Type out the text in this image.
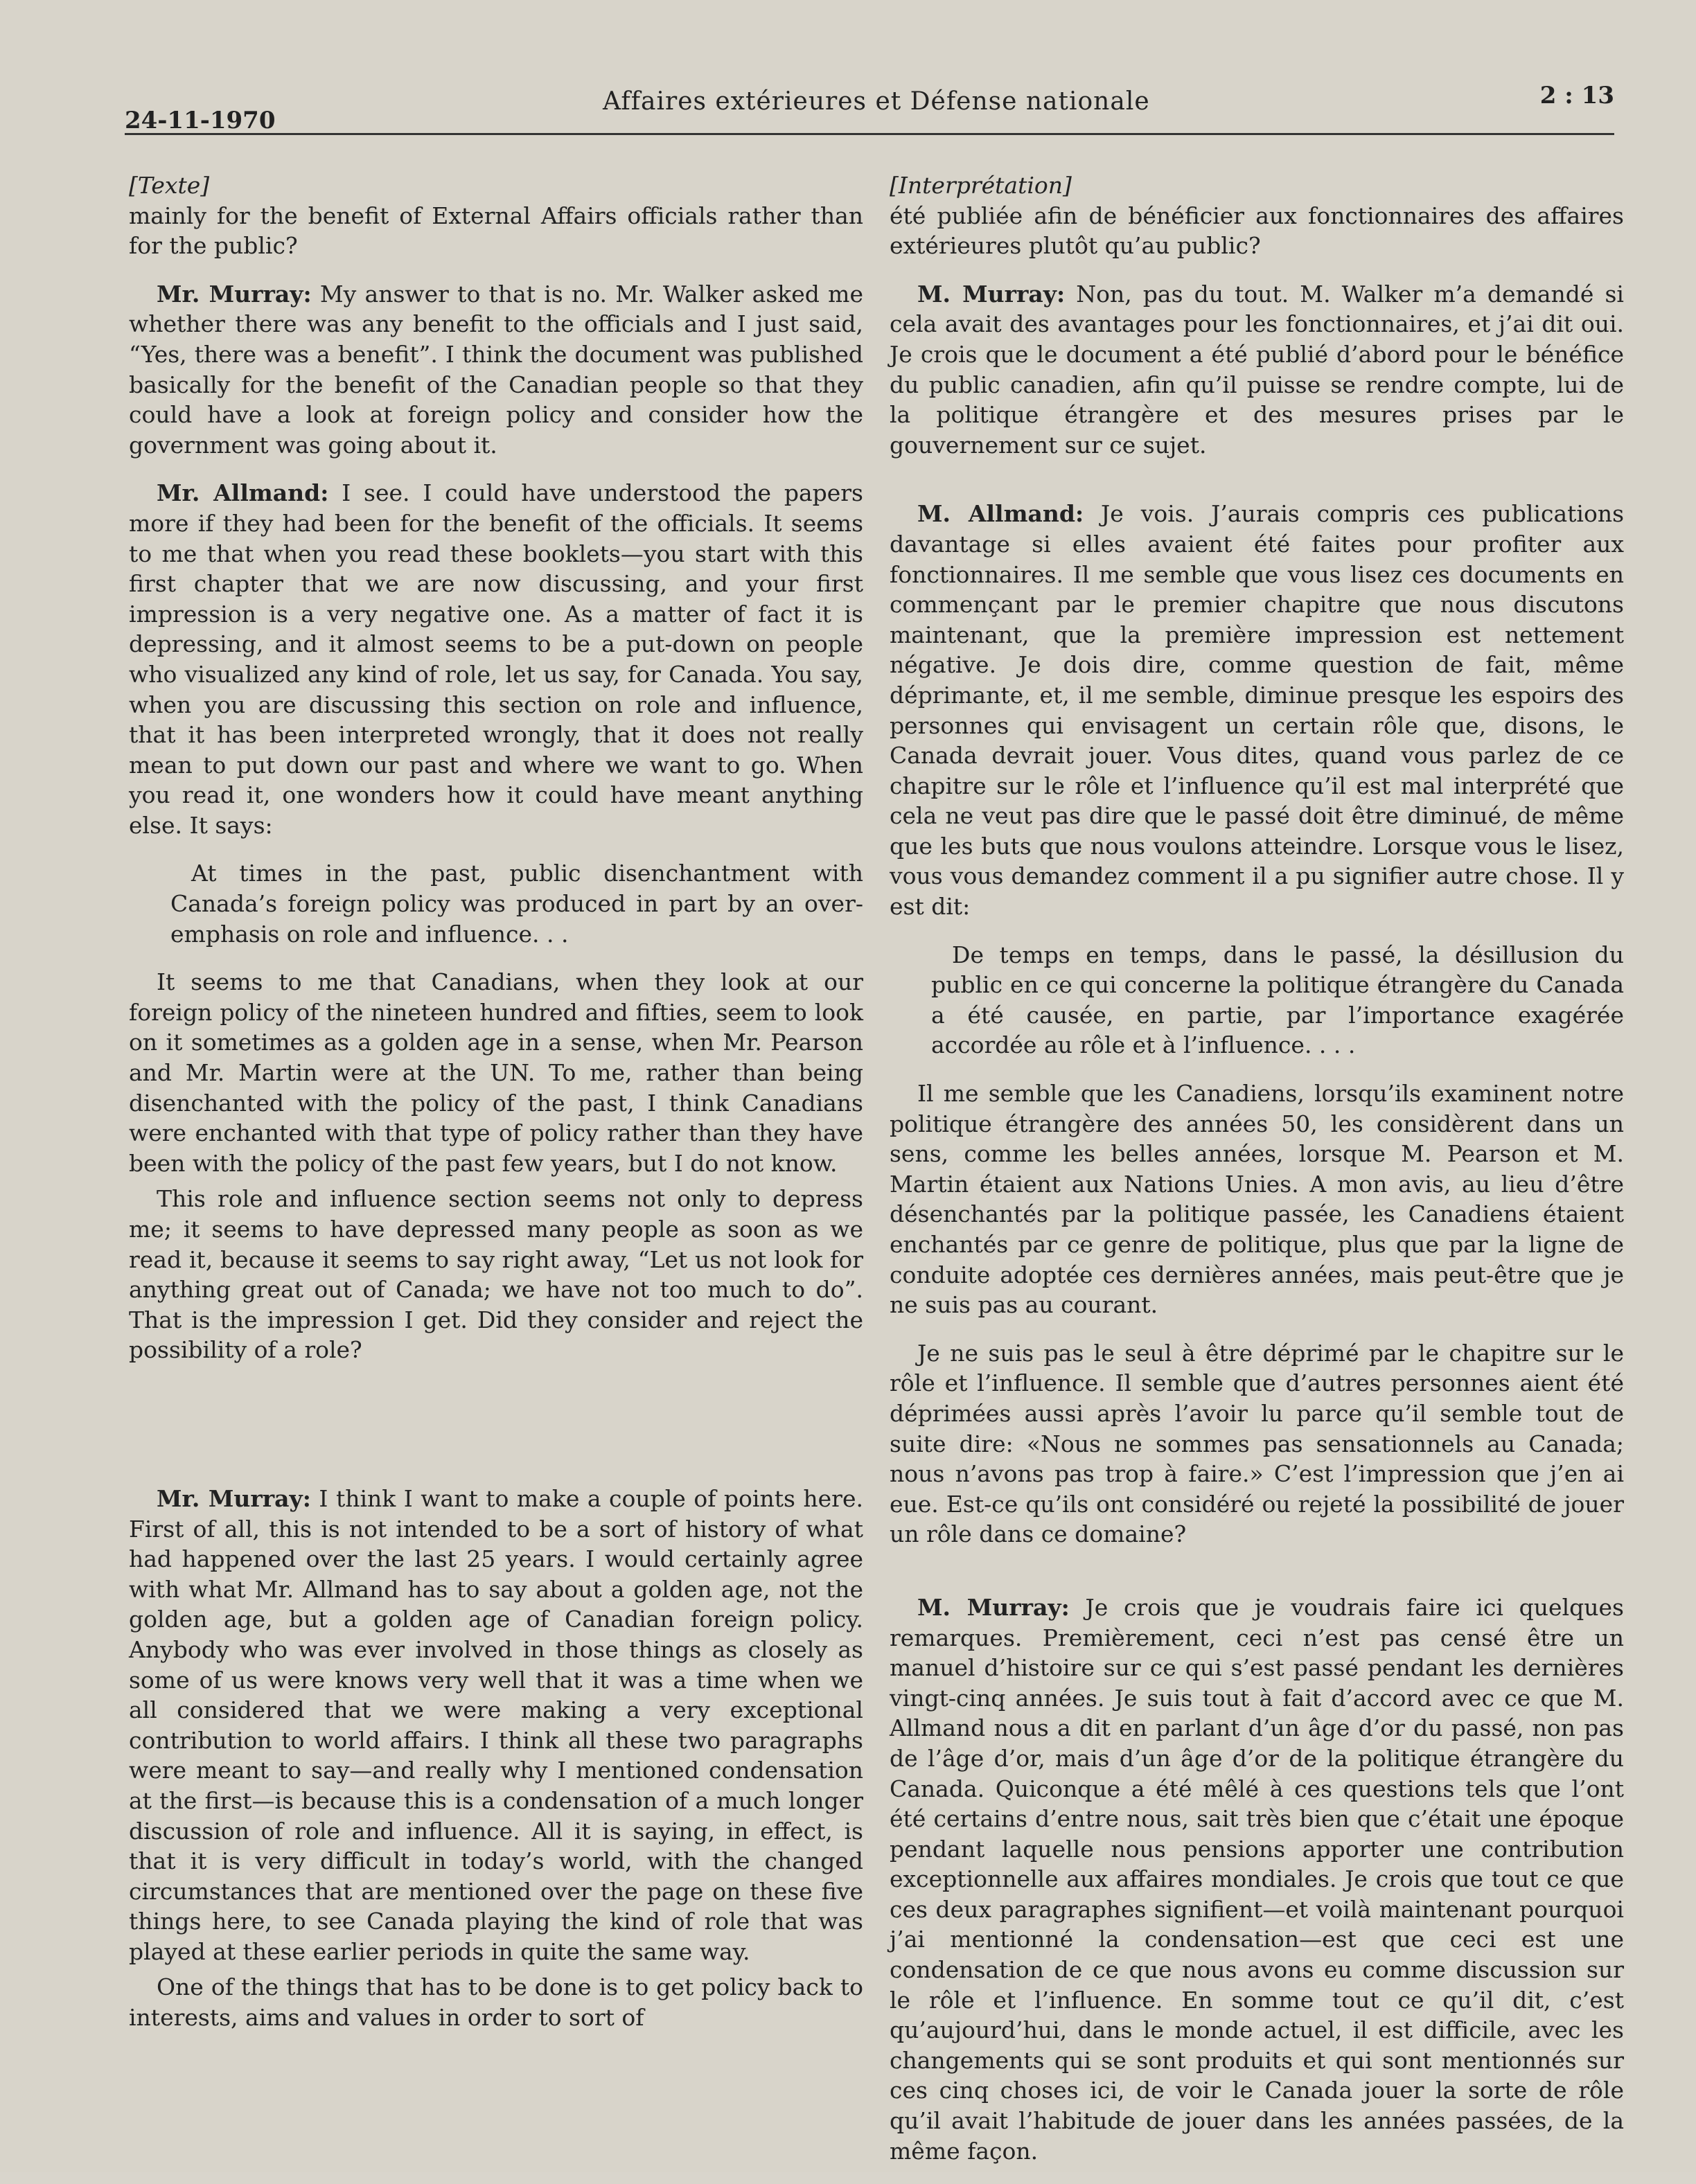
24-11-1970
Affaires extérieures et Défense nationale	2 : 13

[Texte]

mainly for the benefit of External Affairs officials rather than for the public?

Mr. Murray: My answer to that is no. Mr. Walker asked me whether there was any benefit to the officials and I just said, “Yes, there was a benefit”. I think the document was published basically for the benefit of the Canadian people so that they could have a look at foreign policy and consider how the government was going about it.

Mr. Allmand: I see. I could have understood the papers more if they had been for the benefit of the officials. It seems to me that when you read these booklets—you start with this first chapter that we are now discussing, and your first impression is a very negative one. As a matter of fact it is depressing, and it almost seems to be a put-down on people who visualized any kind of role, let us say, for Canada. You say, when you are discussing this section on role and influence, that it has been interpreted wrongly, that it does not really mean to put down our past and where we want to go. When you read it, one wonders how it could have meant anything else. It says:

At times in the past, public disenchantment with Canada’s foreign policy was produced in part by an over-emphasis on role and influence. . .

It seems to me that Canadians, when they look at our foreign policy of the nineteen hundred and fifties, seem to look on it sometimes as a golden age in a sense, when Mr. Pearson and Mr. Martin were at the UN. To me, rather than being disenchanted with the policy of the past, I think Canadians were enchanted with that type of policy rather than they have been with the policy of the past few years, but I do not know.

This role and influence section seems not only to depress me; it seems to have depressed many people as soon as we read it, because it seems to say right away, “Let us not look for anything great out of Canada; we have not too much to do”. That is the impression I get. Did they consider and reject the possibility of a role?

Mr. Murray: I think I want to make a couple of points here. First of all, this is not intended to be a sort of history of what had happened over the last 25 years. I would certainly agree with what Mr. Allmand has to say about a golden age, not the golden age, but a golden age of Canadian foreign policy. Anybody who was ever involved in those things as closely as some of us were knows very well that it was a time when we all considered that we were making a very exceptional contribution to world affairs. I think all these two paragraphs were meant to say—and really why I mentioned condensation at the first—is because this is a condensation of a much longer discussion of role and influence. All it is saying, in effect, is that it is very difficult in today’s world, with the changed circumstances that are mentioned over the page on these five things here, to see Canada playing the kind of role that was played at these earlier periods in quite the same way.

One of the things that has to be done is to get policy back to interests, aims and values in order to sort of

[Interprétation]

été publiée afin de bénéficier aux fonctionnaires des affaires extérieures plutôt qu’au public?

M. Murray: Non, pas du tout. M. Walker m’a demandé si cela avait des avantages pour les fonctionnaires, et j’ai dit oui. Je crois que le document a été publié d’abord pour le bénéfice du public canadien, afin qu’il puisse se rendre compte, lui de la politique étrangère et des mesures prises par le gouvernement sur ce sujet.

M. Allmand: Je vois. J’aurais compris ces publications davantage si elles avaient été faites pour profiter aux fonctionnaires. Il me semble que vous lisez ces documents en commençant par le premier chapitre que nous discutons maintenant, que la première impression est nettement négative. Je dois dire, comme question de fait, même déprimante, et, il me semble, diminue presque les espoirs des personnes qui envisagent un certain rôle que, disons, le Canada devrait jouer. Vous dites, quand vous parlez de ce chapitre sur le rôle et l’influence qu’il est mal interprété que cela ne veut pas dire que le passé doit être diminué, de même que les buts que nous voulons atteindre. Lorsque vous le lisez, vous vous demandez comment il a pu signifier autre chose. Il y est dit:

De temps en temps, dans le passé, la désillusion du public en ce qui concerne la politique étrangère du Canada a été causée, en partie, par l’importance exagérée accordée au rôle et à l’influence. . . .

Il me semble que les Canadiens, lorsqu’ils examinent notre politique étrangère des années 50, les considèrent dans un sens, comme les belles années, lorsque M. Pearson et M. Martin étaient aux Nations Unies. A mon avis, au lieu d’être désenchantés par la politique passée, les Canadiens étaient enchantés par ce genre de politique, plus que par la ligne de conduite adoptée ces dernières années, mais peut-être que je ne suis pas au courant.

Je ne suis pas le seul à être déprimé par le chapitre sur le rôle et l’influence. Il semble que d’autres personnes aient été déprimées aussi après l’avoir lu parce qu’il semble tout de suite dire: «Nous ne sommes pas sensationnels au Canada; nous n’avons pas trop à faire.» C’est l’impression que j’en ai eue. Est-ce qu’ils ont considéré ou rejeté la possibilité de jouer un rôle dans ce domaine?

M. Murray: Je crois que je voudrais faire ici quelques remarques. Premièrement, ceci n’est pas censé être un manuel d’histoire sur ce qui s’est passé pendant les dernières vingt-cinq années. Je suis tout à fait d’accord avec ce que M. Allmand nous a dit en parlant d’un âge d’or du passé, non pas de l’âge d’or, mais d’un âge d’or de la politique étrangère du Canada. Quiconque a été mêlé à ces questions tels que l’ont été certains d’entre nous, sait très bien que c’était une époque pendant laquelle nous pensions apporter une contribution exceptionnelle aux affaires mondiales. Je crois que tout ce que ces deux paragraphes signifient—et voilà maintenant pourquoi j’ai mentionné la condensation—est que ceci est une condensation de ce que nous avons eu comme discussion sur le rôle et l’influence. En somme tout ce qu’il dit, c’est qu’aujourd’hui, dans le monde actuel, il est difficile, avec les changements qui se sont produits et qui sont mentionnés sur ces cinq choses ici, de voir le Canada jouer la sorte de rôle qu’il avait l’habitude de jouer dans les années passées, de la même façon.
